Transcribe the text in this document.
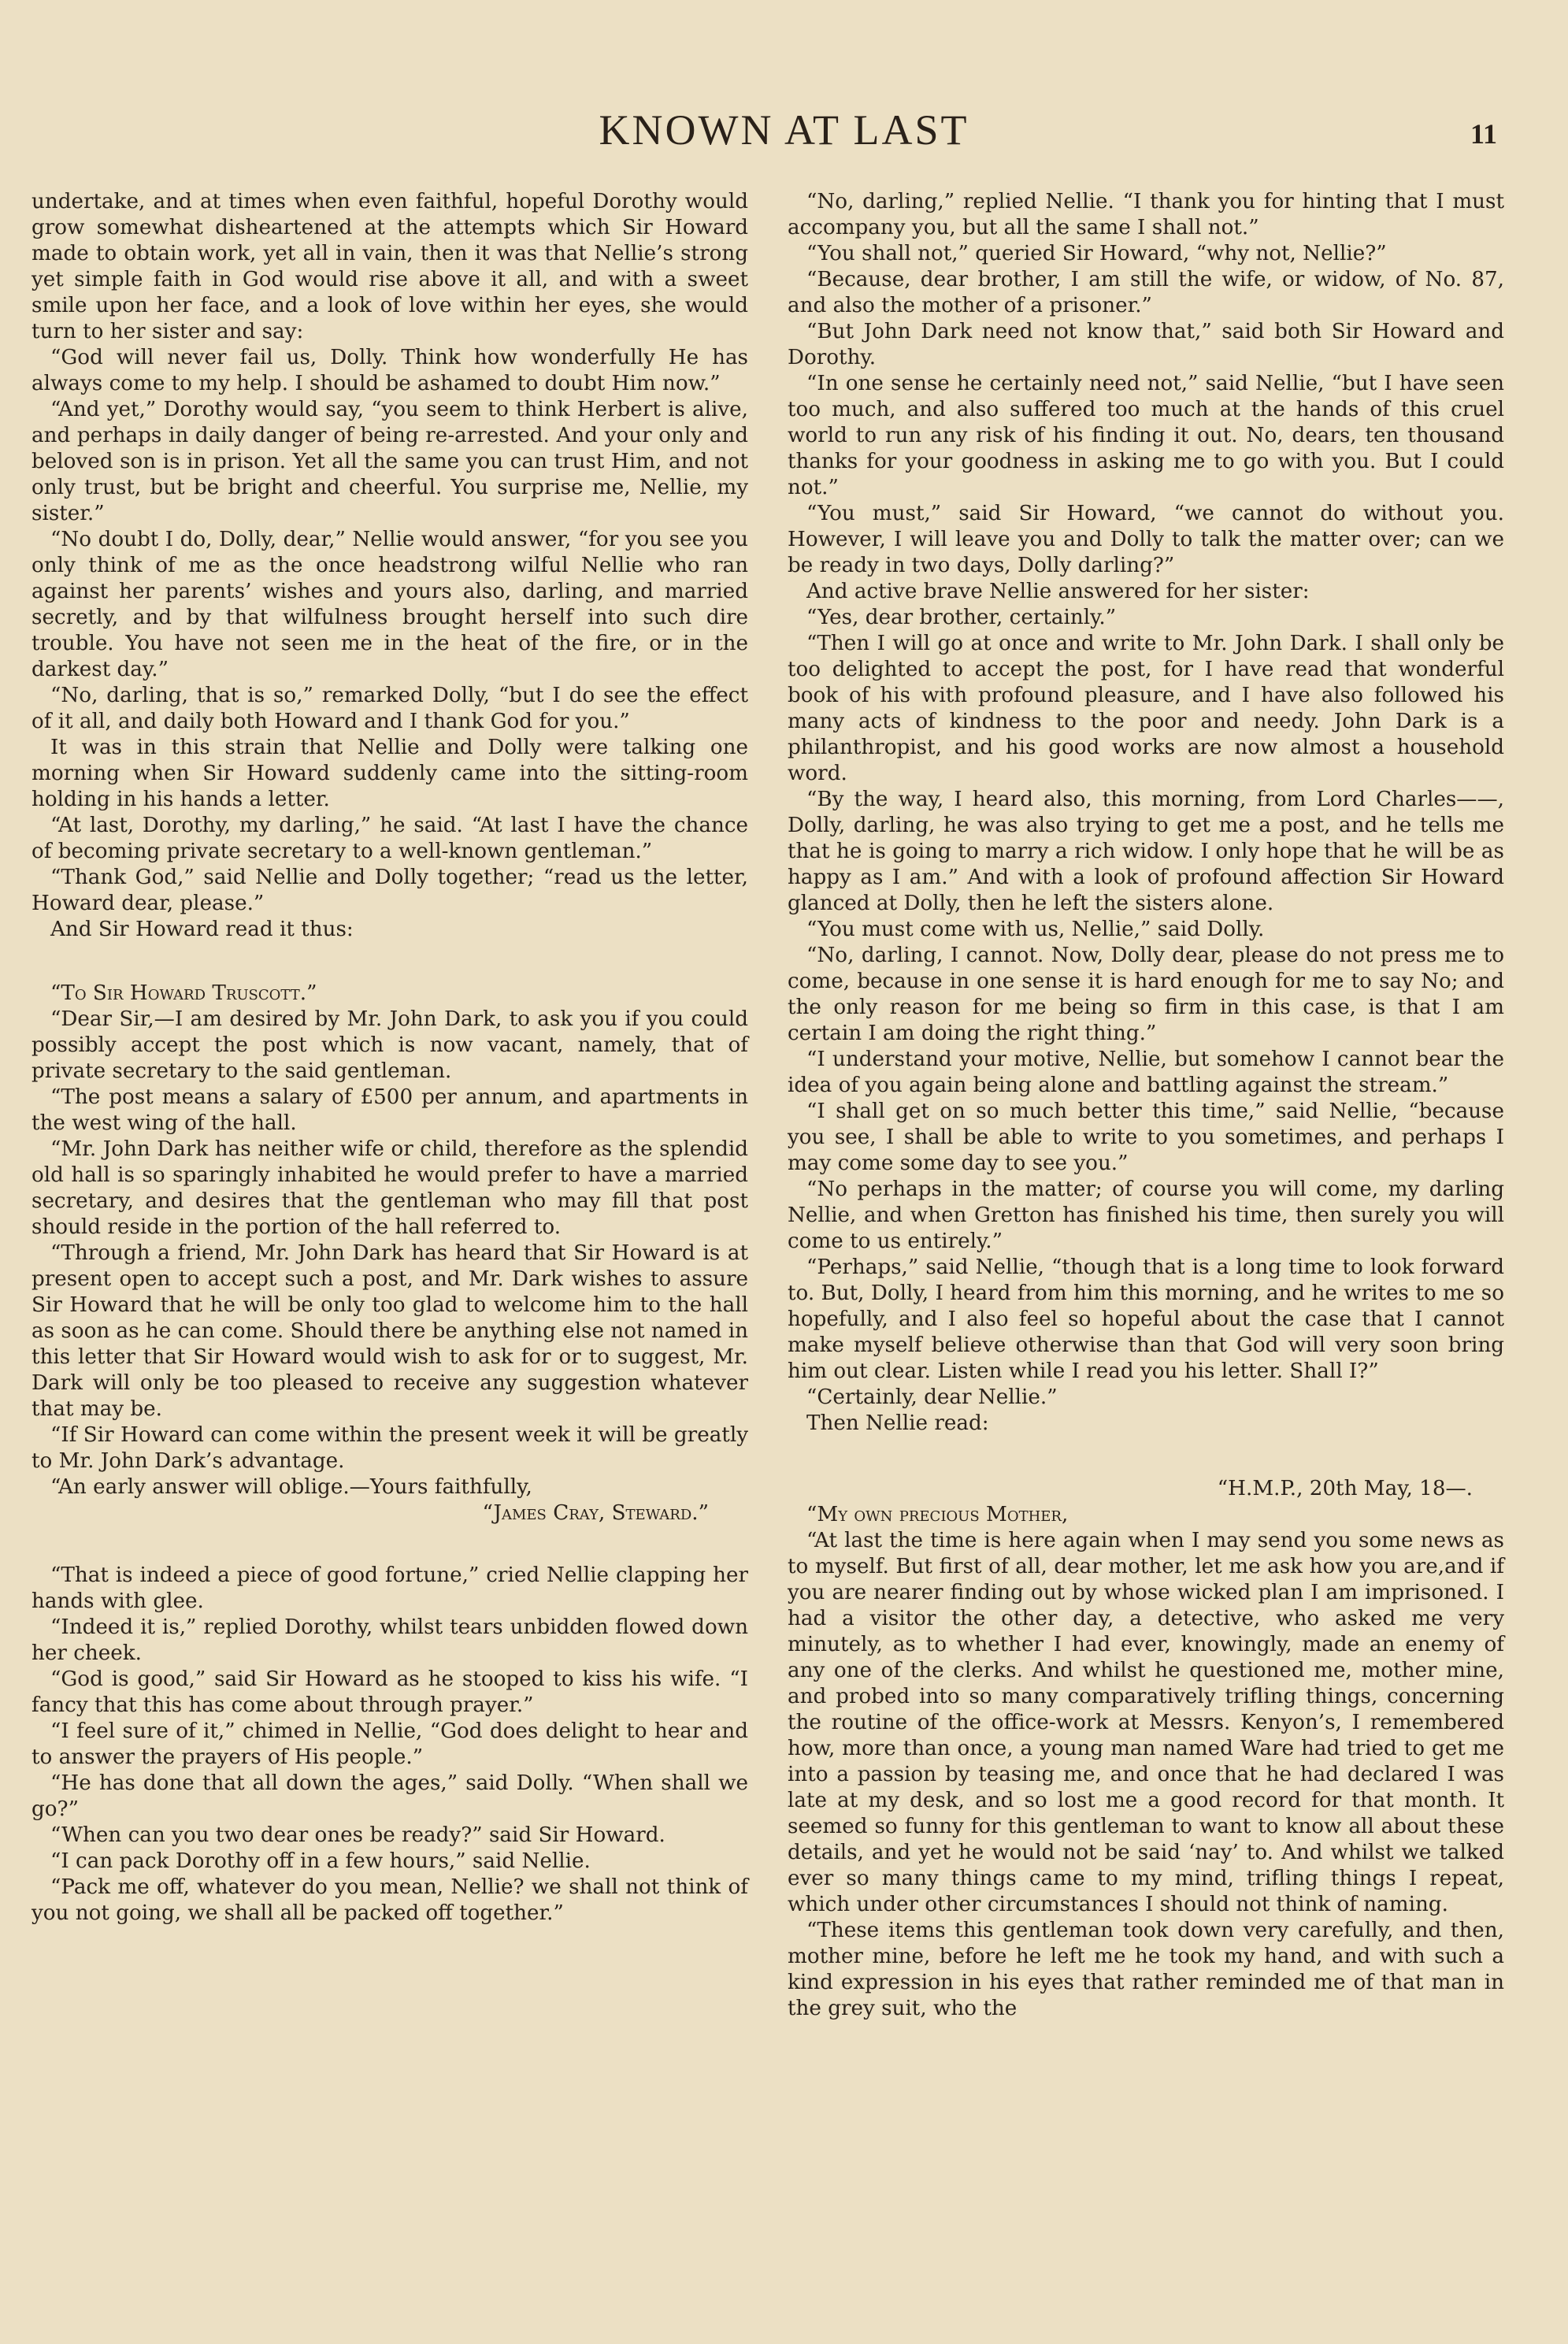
KNOWN AT LAST	11

undertake, and at times when even faithful, hopeful Dorothy would grow somewhat disheartened at the attempts which Sir Howard made to obtain work, yet all in vain, then it was that Nellie’s strong yet simple faith in God would rise above it all, and with a sweet smile upon her face, and a look of love within her eyes, she would turn to her sister and say:

“God will never fail us, Dolly. Think how wonderfully He has always come to my help. I should be ashamed to doubt Him now.”

“And yet,” Dorothy would say, “you seem to think Herbert is alive, and perhaps in daily danger of being re-arrested. And your only and beloved son is in prison. Yet all the same you can trust Him, and not only trust, but be bright and cheerful. You surprise me, Nellie, my sister.”

“No doubt I do, Dolly, dear,” Nellie would answer, “for you see you only think of me as the once headstrong wilful Nellie who ran against her parents’ wishes and yours also, darling, and married secretly, and by that wilfulness brought herself into such dire trouble. You have not seen me in the heat of the fire, or in the darkest day.”

“No, darling, that is so,” remarked Dolly, “but I do see the effect of it all, and daily both Howard and I thank God for you.”

It was in this strain that Nellie and Dolly were talking one morning when Sir Howard suddenly came into the sitting-room holding in his hands a letter.

“At last, Dorothy, my darling,” he said. “At last I have the chance of becoming private secretary to a well-known gentleman.”

“Thank God,” said Nellie and Dolly together; “read us the letter, Howard dear, please.”

And Sir Howard read it thus:

“To Sir Howard Truscott.”

“Dear Sir,—I am desired by Mr. John Dark, to ask you if you could possibly accept the post which is now vacant, namely, that of private secretary to the said gentleman.

“The post means a salary of £500 per annum, and apartments in the west wing of the hall.

“Mr. John Dark has neither wife or child, therefore as the splendid old hall is so sparingly inhabited he would prefer to have a married secretary, and desires that the gentleman who may fill that post should reside in the portion of the hall referred to.

“Through a friend, Mr. John Dark has heard that Sir Howard is at present open to accept such a post, and Mr. Dark wishes to assure Sir Howard that he will be only too glad to welcome him to the hall as soon as he can come. Should there be anything else not named in this letter that Sir Howard would wish to ask for or to suggest, Mr. Dark will only be too pleased to receive any suggestion whatever that may be.

“If Sir Howard can come within the present week it will be greatly to Mr. John Dark’s advantage.

“An early answer will oblige.—Yours faithfully,

“James Cray, Steward.”

“That is indeed a piece of good fortune,” cried Nellie clapping her hands with glee.

“Indeed it is,” replied Dorothy, whilst tears unbidden flowed down her cheek.

“God is good,” said Sir Howard as he stooped to kiss his wife. “I fancy that this has come about through prayer.”

“I feel sure of it,” chimed in Nellie, “God does delight to hear and to answer the prayers of His people.”

“He has done that all down the ages,” said Dolly. “When shall we go?”

“When can you two dear ones be ready?” said Sir Howard.

“I can pack Dorothy off in a few hours,” said Nellie.

“Pack me off, whatever do you mean, Nellie? we shall not think of you not going, we shall all be packed off together.”

“No, darling,” replied Nellie. “I thank you for hinting that I must accompany you, but all the same I shall not.”

“You shall not,” queried Sir Howard, “why not, Nellie?”

“Because, dear brother, I am still the wife, or widow, of No. 87, and also the mother of a prisoner.”

“But John Dark need not know that,” said both Sir Howard and Dorothy.

“In one sense he certainly need not,” said Nellie, “but I have seen too much, and also suffered too much at the hands of this cruel world to run any risk of his finding it out. No, dears, ten thousand thanks for your goodness in asking me to go with you. But I could not.”

“You must,” said Sir Howard, “we cannot do without you. However, I will leave you and Dolly to talk the matter over; can we be ready in two days, Dolly darling?”

And active brave Nellie answered for her sister:

“Yes, dear brother, certainly.”

“Then I will go at once and write to Mr. John Dark. I shall only be too delighted to accept the post, for I have read that wonderful book of his with profound pleasure, and I have also followed his many acts of kindness to the poor and needy. John Dark is a philanthropist, and his good works are now almost a household word.

“By the way, I heard also, this morning, from Lord Charles——, Dolly, darling, he was also trying to get me a post, and he tells me that he is going to marry a rich widow. I only hope that he will be as happy as I am.” And with a look of profound affection Sir Howard glanced at Dolly, then he left the sisters alone.

“You must come with us, Nellie,” said Dolly.

“No, darling, I cannot. Now, Dolly dear, please do not press me to come, because in one sense it is hard enough for me to say No; and the only reason for me being so firm in this case, is that I am certain I am doing the right thing.”

“I understand your motive, Nellie, but somehow I cannot bear the idea of you again being alone and battling against the stream.”

“I shall get on so much better this time,” said Nellie, “because you see, I shall be able to write to you sometimes, and perhaps I may come some day to see you.”

“No perhaps in the matter; of course you will come, my darling Nellie, and when Gretton has finished his time, then surely you will come to us entirely.”

“Perhaps,” said Nellie, “though that is a long time to look forward to. But, Dolly, I heard from him this morning, and he writes to me so hopefully, and I also feel so hopeful about the case that I cannot make myself believe otherwise than that God will very soon bring him out clear. Listen while I read you his letter. Shall I?”

“Certainly, dear Nellie.”

Then Nellie read:

“H.M.P., 20th May, 18—.

“My own precious Mother,

“At last the time is here again when I may send you some news as to myself. But first of all, dear mother, let me ask how you are,and if you are nearer finding out by whose wicked plan I am imprisoned. I had a visitor the other day, a detective, who asked me very minutely, as to whether I had ever, knowingly, made an enemy of any one of the clerks. And whilst he questioned me, mother mine, and probed into so many comparatively trifling things, concerning the routine of the office-work at Messrs. Kenyon’s, I remembered how, more than once, a young man named Ware had tried to get me into a passion by teasing me, and once that he had declared I was late at my desk, and so lost me a good record for that month. It seemed so funny for this gentleman to want to know all about these details, and yet he would not be said ‘nay’ to. And whilst we talked ever so many things came to my mind, trifling things I repeat, which under other circumstances I should not think of naming.

“These items this gentleman took down very carefully, and then, mother mine, before he left me he took my hand, and with such a kind expression in his eyes that rather reminded me of that man in the grey suit, who the
